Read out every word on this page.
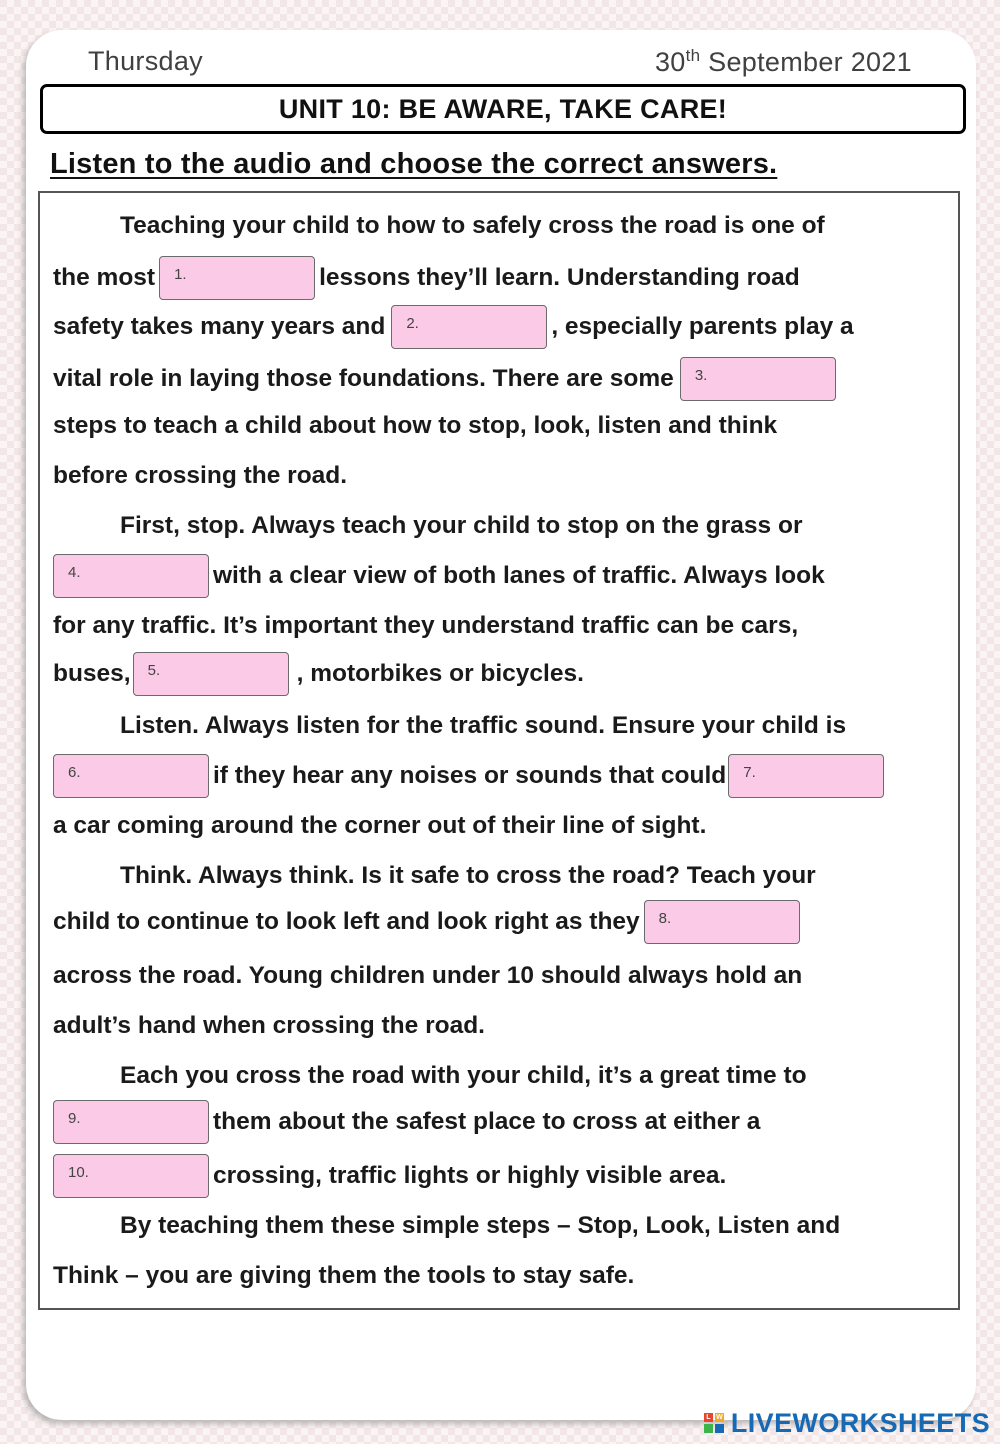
Thursday	30th September 2021
UNIT 10: BE AWARE, TAKE CARE!
Listen to the audio and choose the correct answers.
Teaching your child to how to safely cross the road is one of
the most	1.	lessons they’ll learn. Understanding road
safety takes many years and	2.	, especially parents play a
vital role in laying those foundations. There are some	3.
steps to teach a child about how to stop, look, listen and think
before crossing the road.
First, stop. Always teach your child to stop on the grass or
4.	with a clear view of both lanes of traffic. Always look
for any traffic. It’s important they understand traffic can be cars,
buses,	5.	, motorbikes or bicycles.
Listen. Always listen for the traffic sound. Ensure your child is
6.	if they hear any noises or sounds that could	7.
a car coming around the corner out of their line of sight.
Think. Always think. Is it safe to cross the road? Teach your
child to continue to look left and look right as they	8.
across the road. Young children under 10 should always hold an
adult’s hand when crossing the road.
Each you cross the road with your child, it’s a great time to
9.	them about the safest place to cross at either a
10.	crossing, traffic lights or highly visible area.
By teaching them these simple steps – Stop, Look, Listen and
Think – you are giving them the tools to stay safe.
L W LIVEWORKSHEETS
